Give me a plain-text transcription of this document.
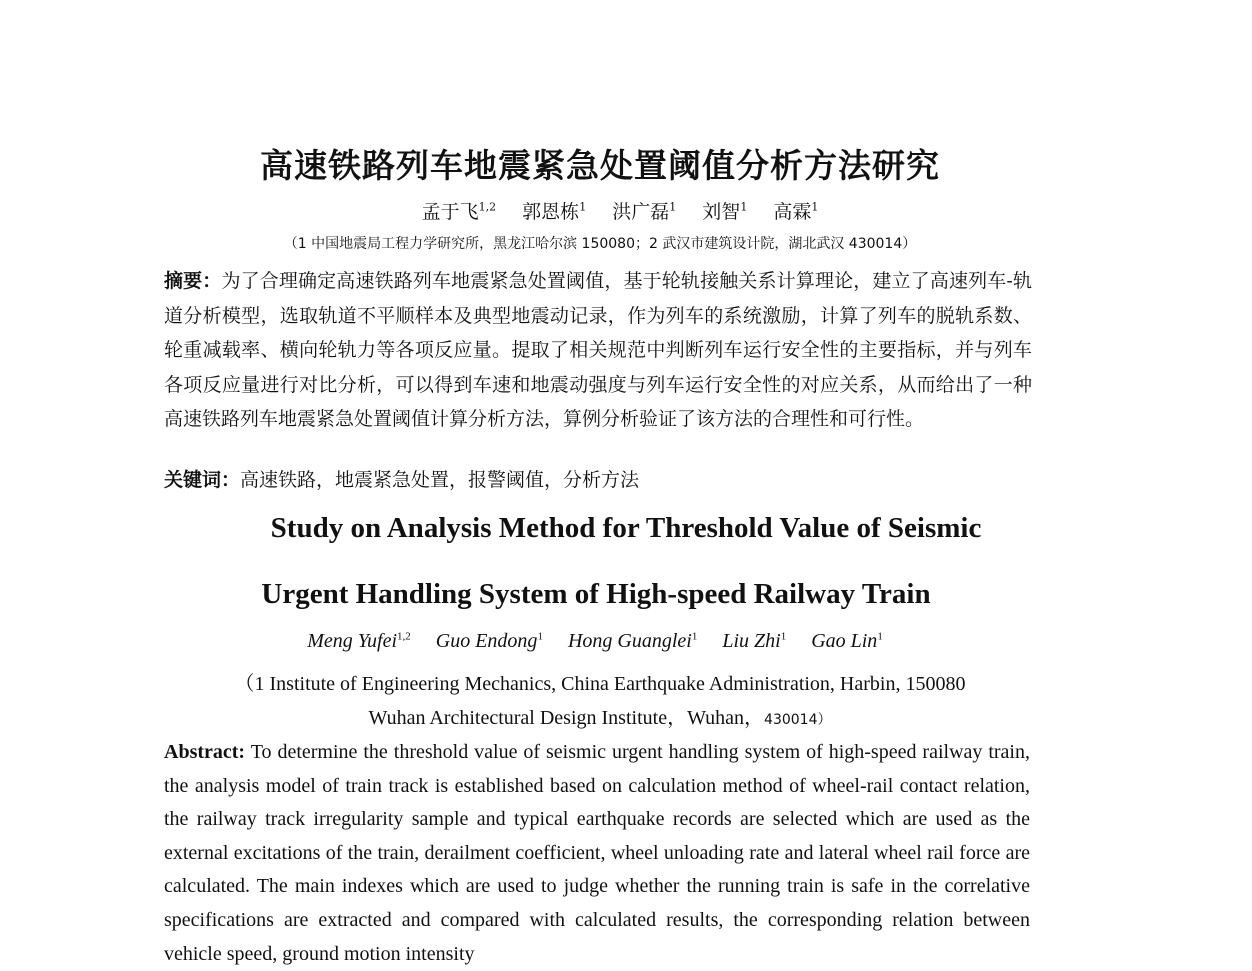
高速铁路列车地震紧急处置阈值分析方法研究
孟于飞$^{1,2}$ 郭恩栋$^1$ 洪广磊$^1$ 刘智$^1$ 高霖$^1$
（1 中国地震局工程力学研究所，黑龙江哈尔滨 150080；2 武汉市建筑设计院，湖北武汉 430014）
摘要：为了合理确定高速铁路列车地震紧急处置阈值，基于轮轨接触关系计算理论，建立了高速列车-轨道分析模型，选取轨道不平顺样本及典型地震动记录，作为列车的系统激励，计算了列车的脱轨系数、轮重减载率、横向轮轨力等各项反应量。提取了相关规范中判断列车运行安全性的主要指标，并与列车各项反应量进行对比分析，可以得到车速和地震动强度与列车运行安全性的对应关系，从而给出了一种高速铁路列车地震紧急处置阈值计算分析方法，算例分析验证了该方法的合理性和可行性。
关键词：高速铁路，地震紧急处置，报警阈值，分析方法
Study on Analysis Method for Threshold Value of Seismic
Urgent Handling System of High-speed Railway Train
Meng Yufei$^{1,2}$ Guo Endong$^1$ Hong Guanglei$^1$ Liu Zhi$^1$ Gao Lin$^1$
（1 Institute of Engineering Mechanics, China Earthquake Administration, Harbin, 150080
Wuhan Architectural Design Institute，Wuhan，430014）
Abstract: To determine the threshold value of seismic urgent handling system of high-speed railway train, the analysis model of train track is established based on calculation method of wheel-rail contact relation, the railway track irregularity sample and typical earthquake records are selected which are used as the external excitations of the train, derailment coefficient, wheel unloading rate and lateral wheel rail force are calculated. The main indexes which are used to judge whether the running train is safe in the correlative specifications are extracted and compared with calculated results, the corresponding relation between vehicle speed, ground motion intensity
